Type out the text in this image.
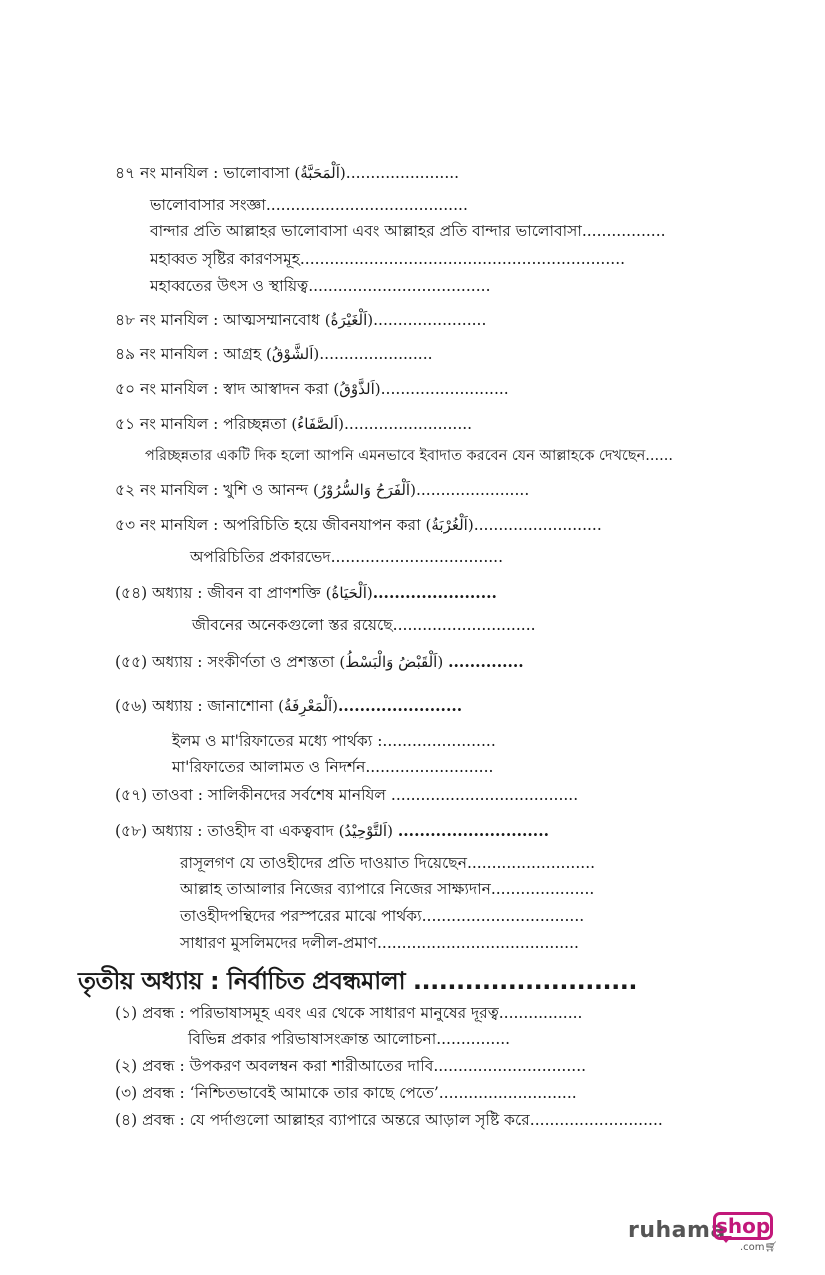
৪৭ নং মানযিল : ভালোবাসা (اَلْمَحَبَّةُ).......................
ভালোবাসার সংজ্ঞা.........................................
বান্দার প্রতি আল্লাহর ভালোবাসা এবং আল্লাহর প্রতি বান্দার ভালোবাসা.................
মহাব্বত সৃষ্টির কারণসমূহ..................................................................
মহাব্বতের উৎস ও স্থায়িত্ব.....................................
৪৮ নং মানযিল : আত্মসম্মানবোধ (اَلْغَيْرَةُ).......................
৪৯ নং মানযিল : আগ্রহ (اَلشَّوْقُ).......................
৫০ নং মানযিল : স্বাদ আস্বাদন করা (اَلذَّوْقُ)..........................
৫১ নং মানযিল : পরিচ্ছন্নতা (اَلصَّفَاءُ)..........................
পরিচ্ছন্নতার একটি দিক হলো আপনি এমনভাবে ইবাদাত করবেন যেন আল্লাহকে দেখছেন......
৫২ নং মানযিল : খুশি ও আনন্দ (اَلْفَرَحُ وَالسُّرُوْرُ).......................
৫৩ নং মানযিল : অপরিচিতি হয়ে জীবনযাপন করা (اَلْغُرْبَةُ)..........................
অপরিচিতির প্রকারভেদ...................................
(৫৪) অধ্যায় : জীবন বা প্রাণশক্তি (اَلْحَيَاةُ).......................
জীবনের অনেকগুলো স্তর রয়েছে.............................
(৫৫) অধ্যায় : সংকীর্ণতা ও প্রশস্ততা (اَلْقَبْضُ وَالْبَسْطُ) ..............
(৫৬) অধ্যায় : জানাশোনা (اَلْمَعْرِفَةُ).......................
ইলম ও মা'রিফাতের মধ্যে পার্থক্য :.......................
মা'রিফাতের আলামত ও নিদর্শন..........................
(৫৭) তাওবা : সালিকীনদের সর্বশেষ মানযিল ......................................
(৫৮) অধ্যায় : তাওহীদ বা একত্ববাদ (اَلتَّوْحِيْدُ) ............................
রাসূলগণ যে তাওহীদের প্রতি দাওয়াত দিয়েছেন..........................
আল্লাহ তাআলার নিজের ব্যাপারে নিজের সাক্ষ্যদান.....................
তাওহীদপন্থিদের পরস্পরের মাঝে পার্থক্য.................................
সাধারণ মুসলিমদের দলীল-প্রমাণ.........................................
তৃতীয় অধ্যায় : নির্বাচিত প্রবন্ধমালা ..........................
(১) প্রবন্ধ : পরিভাষাসমূহ এবং এর থেকে সাধারণ মানুষের দূরত্ব.................
বিভিন্ন প্রকার পরিভাষাসংক্রান্ত আলোচনা...............
(২) প্রবন্ধ : উপকরণ অবলম্বন করা শারীআতের দাবি...............................
(৩) প্রবন্ধ : ‘নিশ্চিতভাবেই আমাকে তার কাছে পেতে’............................
(৪) প্রবন্ধ : যে পর্দাগুলো আল্লাহর ব্যাপারে অন্তরে আড়াল সৃষ্টি করে...........................
ruhama
shop
.com🛒︎
